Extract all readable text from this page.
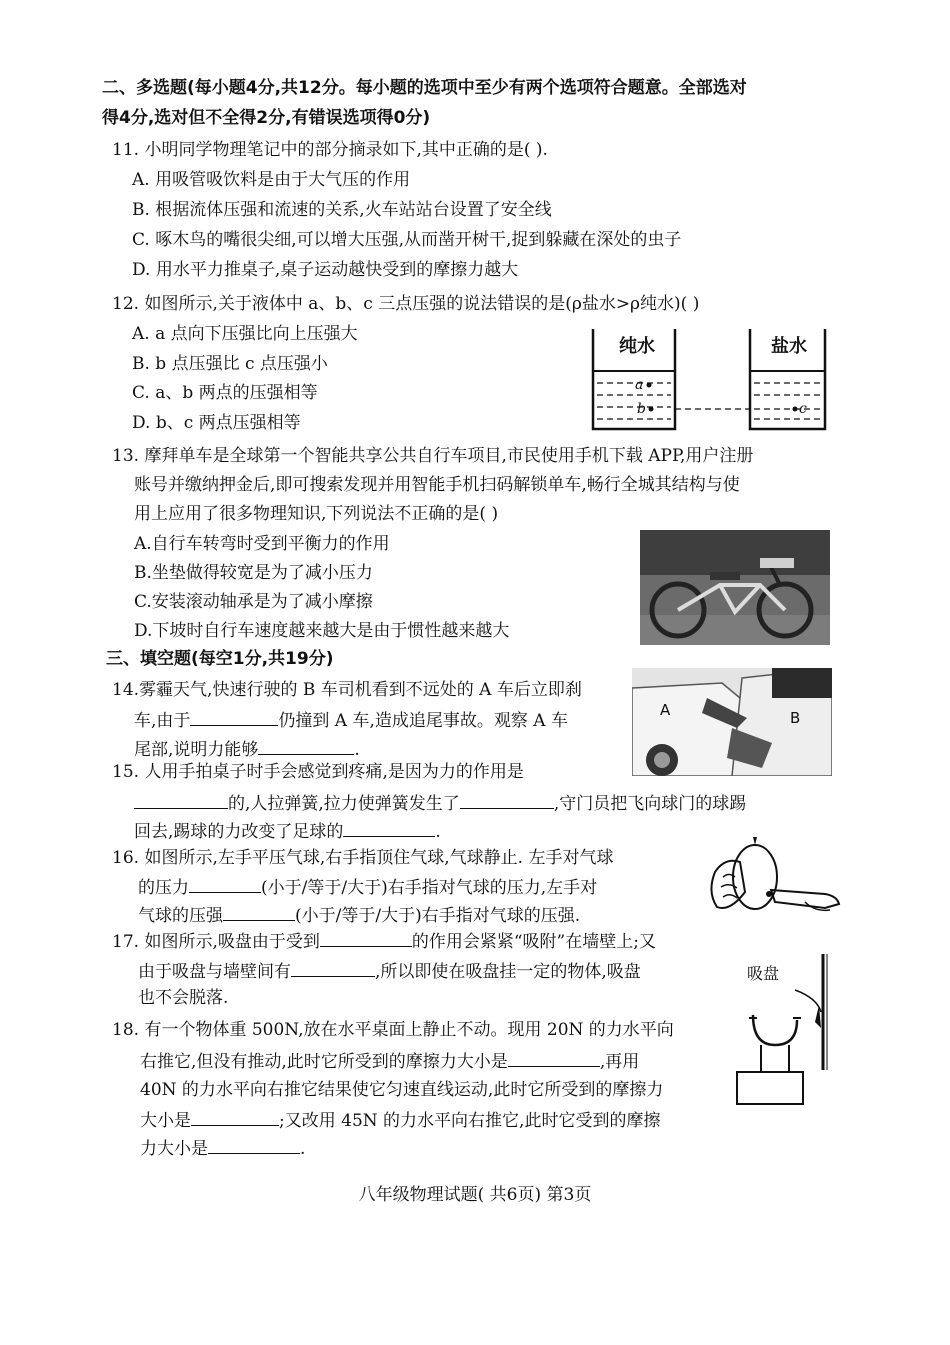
二、多选题(每小题4分,共12分。每小题的选项中至少有两个选项符合题意。全部选对
得4分,选对但不全得2分,有错误选项得0分)
11. 小明同学物理笔记中的部分摘录如下,其中正确的是( ).
A. 用吸管吸饮料是由于大气压的作用
B. 根据流体压强和流速的关系,火车站站台设置了安全线
C. 啄木鸟的嘴很尖细,可以增大压强,从而凿开树干,捉到躲藏在深处的虫子
D. 用水平力推桌子,桌子运动越快受到的摩擦力越大
12. 如图所示,关于液体中 a、b、c 三点压强的说法错误的是(ρ盐水>ρ纯水)( )
A. a 点向下压强比向上压强大
B. b 点压强比 c 点压强小
C. a、b 两点的压强相等
D. b、c 两点压强相等
纯水	盐水
a
b	c
13. 摩拜单车是全球第一个智能共享公共自行车项目,市民使用手机下载 APP,用户注册
账号并缴纳押金后,即可搜索发现并用智能手机扫码解锁单车,畅行全城其结构与使
用上应用了很多物理知识,下列说法不正确的是( )
A.自行车转弯时受到平衡力的作用
B.坐垫做得较宽是为了减小压力
C.安装滚动轴承是为了减小摩擦
D.下坡时自行车速度越来越大是由于惯性越来越大
三、填空题(每空1分,共19分)
14.雾霾天气,快速行驶的 B 车司机看到不远处的 A 车后立即刹
车,由于	仍撞到 A 车,造成追尾事故。观察 A 车
尾部,说明力能够	.
A	B
15. 人用手拍桌子时手会感觉到疼痛,是因为力的作用是
的,人拉弹簧,拉力使弹簧发生了	,守门员把飞向球门的球踢
回去,踢球的力改变了足球的	.
16. 如图所示,左手平压气球,右手指顶住气球,气球静止. 左手对气球
的压力	(小于/等于/大于)右手指对气球的压力,左手对
气球的压强	(小于/等于/大于)右手指对气球的压强.
17. 如图所示,吸盘由于受到	的作用会紧紧“吸附”在墙壁上;又
由于吸盘与墙壁间有	,所以即使在吸盘挂一定的物体,吸盘
也不会脱落.
吸盘
18. 有一个物体重 500N,放在水平桌面上静止不动。现用 20N 的力水平向
右推它,但没有推动,此时它所受到的摩擦力大小是	,再用
40N 的力水平向右推它结果使它匀速直线运动,此时它所受到的摩擦力
大小是	;又改用 45N 的力水平向右推它,此时它受到的摩擦
力大小是	.
八年级物理试题( 共6页) 第3页
